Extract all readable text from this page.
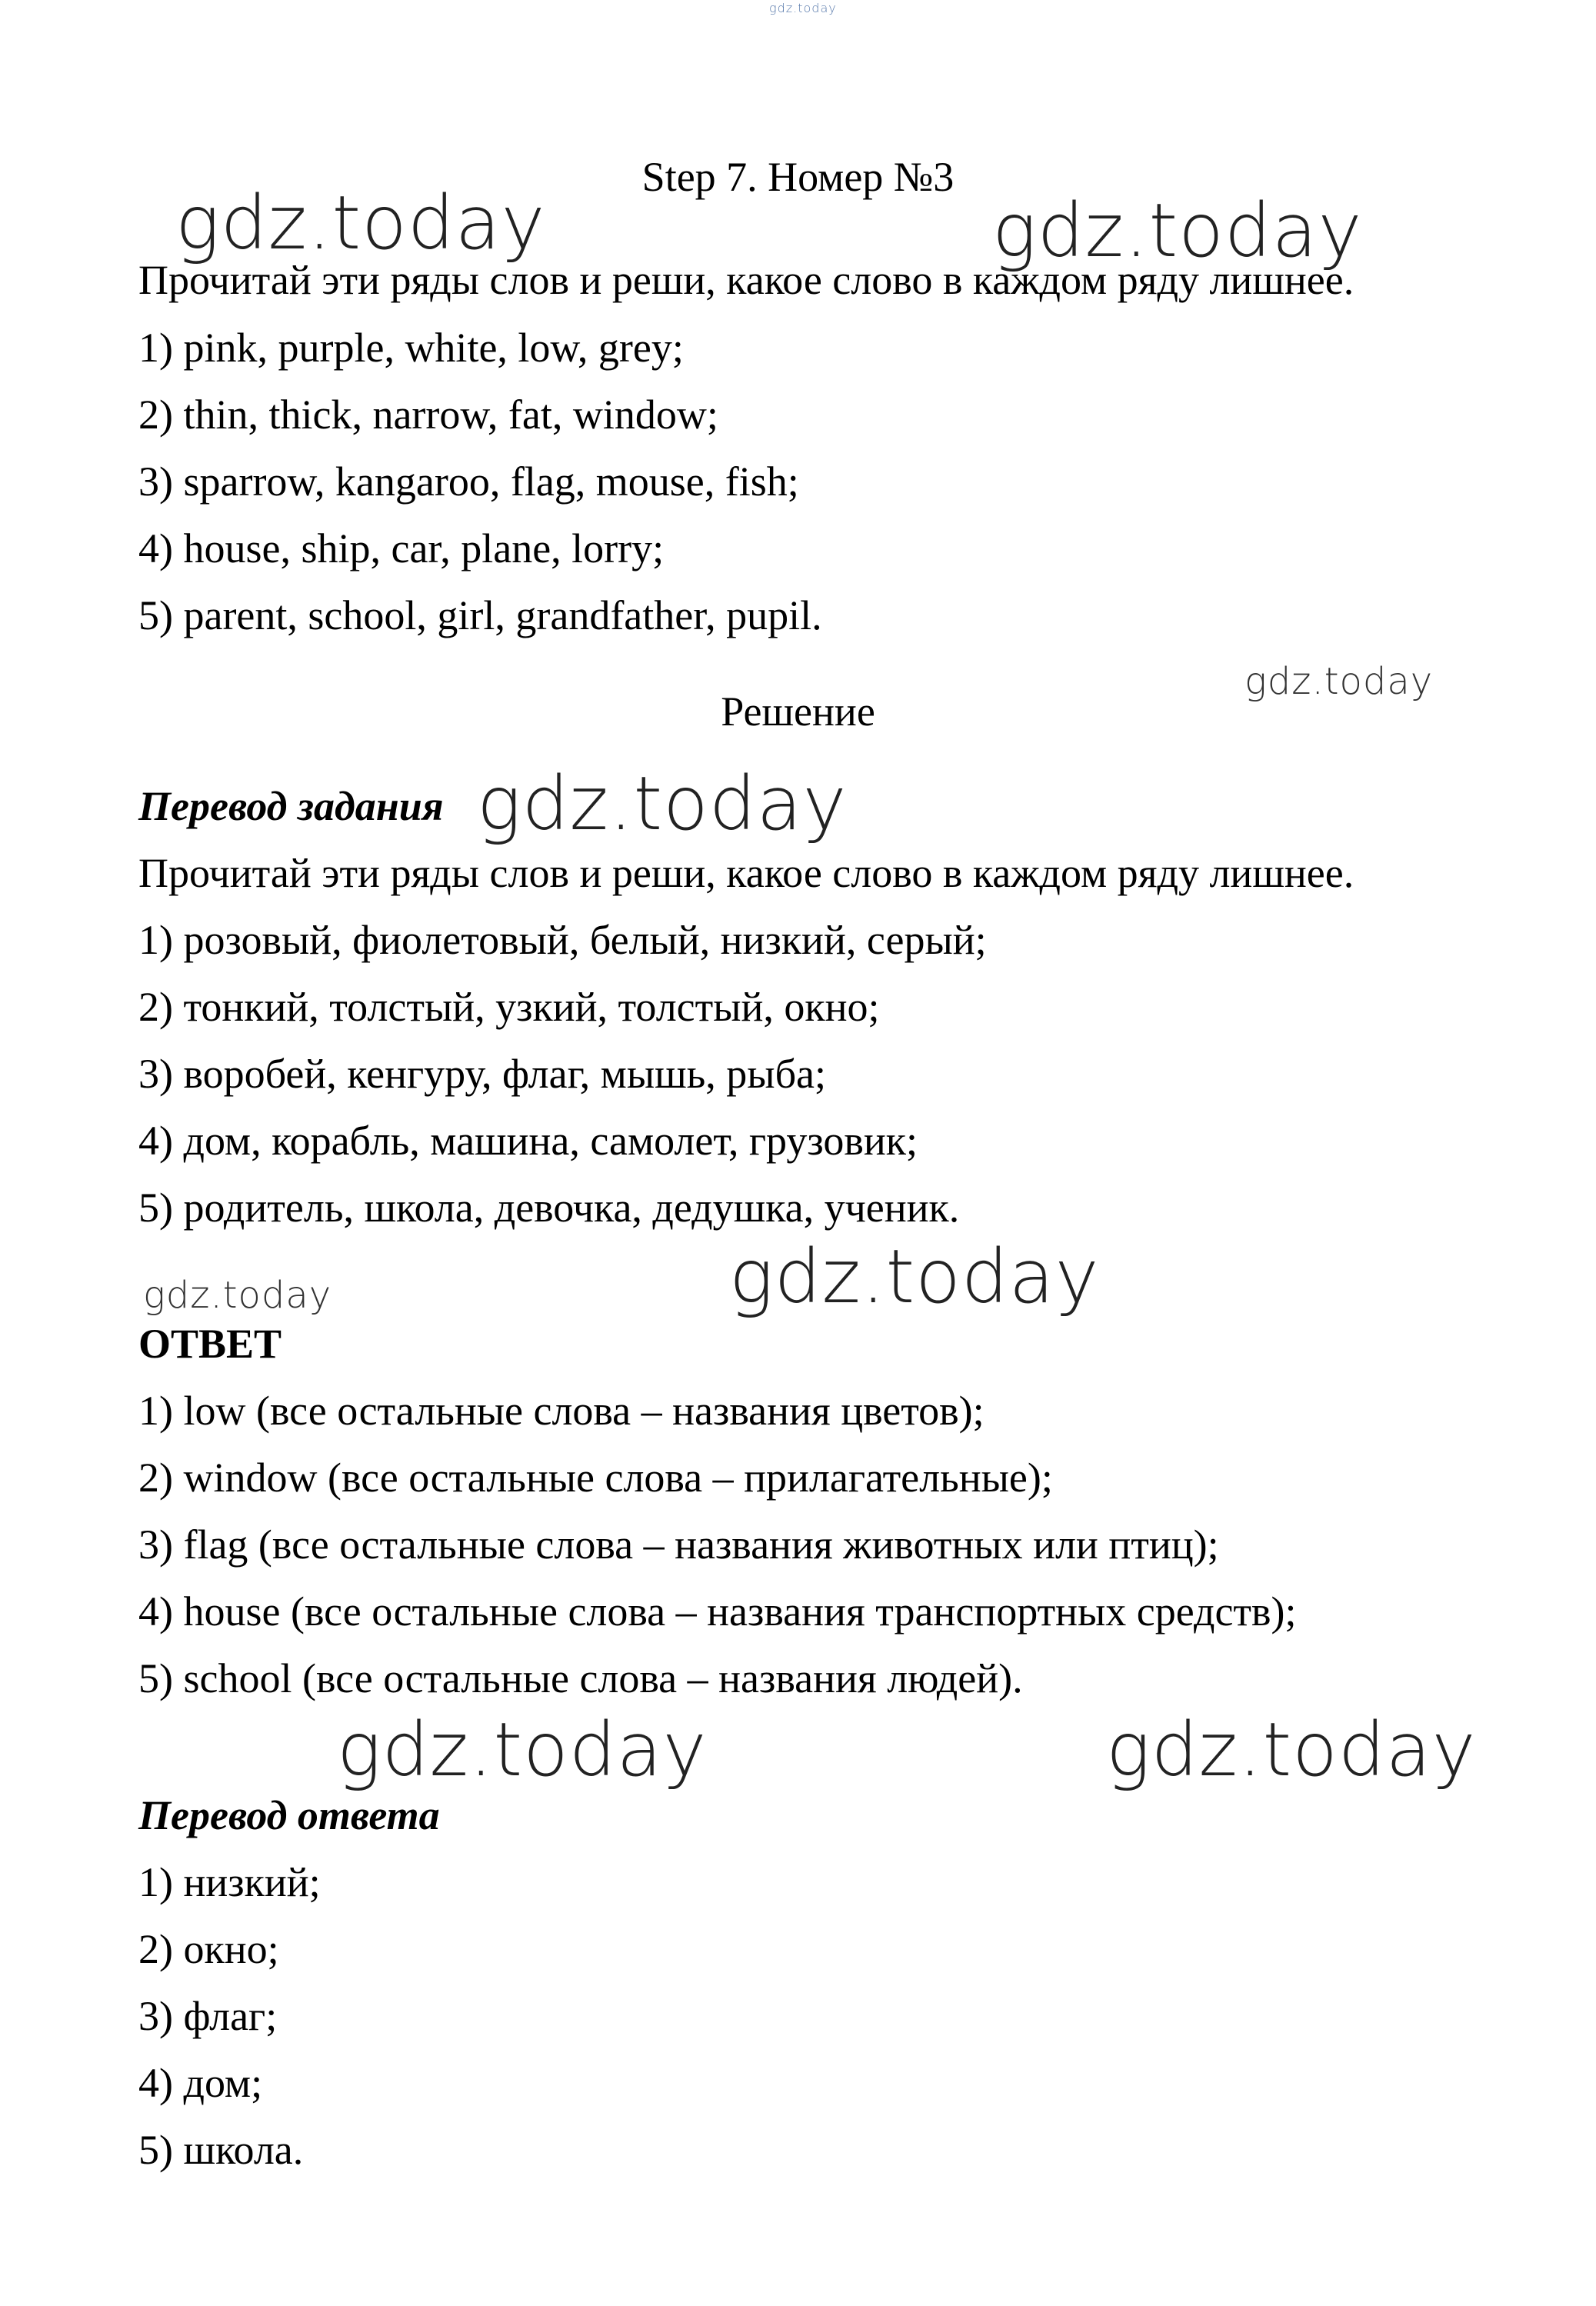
gdz.today
gdz.today	gdz.today
gdz.today
gdz.today
gdz.today
gdz.today
gdz.today	gdz.today
Step 7. Номер №3
Прочитай эти ряды слов и реши, какое слово в каждом ряду лишнее.
1) pink, purple, white, low, grey;
2) thin, thick, narrow, fat, window;
3) sparrow, kangaroo, flag, mouse, fish;
4) house, ship, car, plane, lorry;
5) parent, school, girl, grandfather, pupil.
Решение
Перевод задания
Прочитай эти ряды слов и реши, какое слово в каждом ряду лишнее.
1) розовый, фиолетовый, белый, низкий, серый;
2) тонкий, толстый, узкий, толстый, окно;
3) воробей, кенгуру, флаг, мышь, рыба;
4) дом, корабль, машина, самолет, грузовик;
5) родитель, школа, девочка, дедушка, ученик.
ОТВЕТ
1) low (все остальные слова – названия цветов);
2) window (все остальные слова – прилагательные);
3) flag (все остальные слова – названия животных или птиц);
4) house (все остальные слова – названия транспортных средств);
5) school (все остальные слова – названия людей).
Перевод ответа
1) низкий;
2) окно;
3) флаг;
4) дом;
5) школа.
